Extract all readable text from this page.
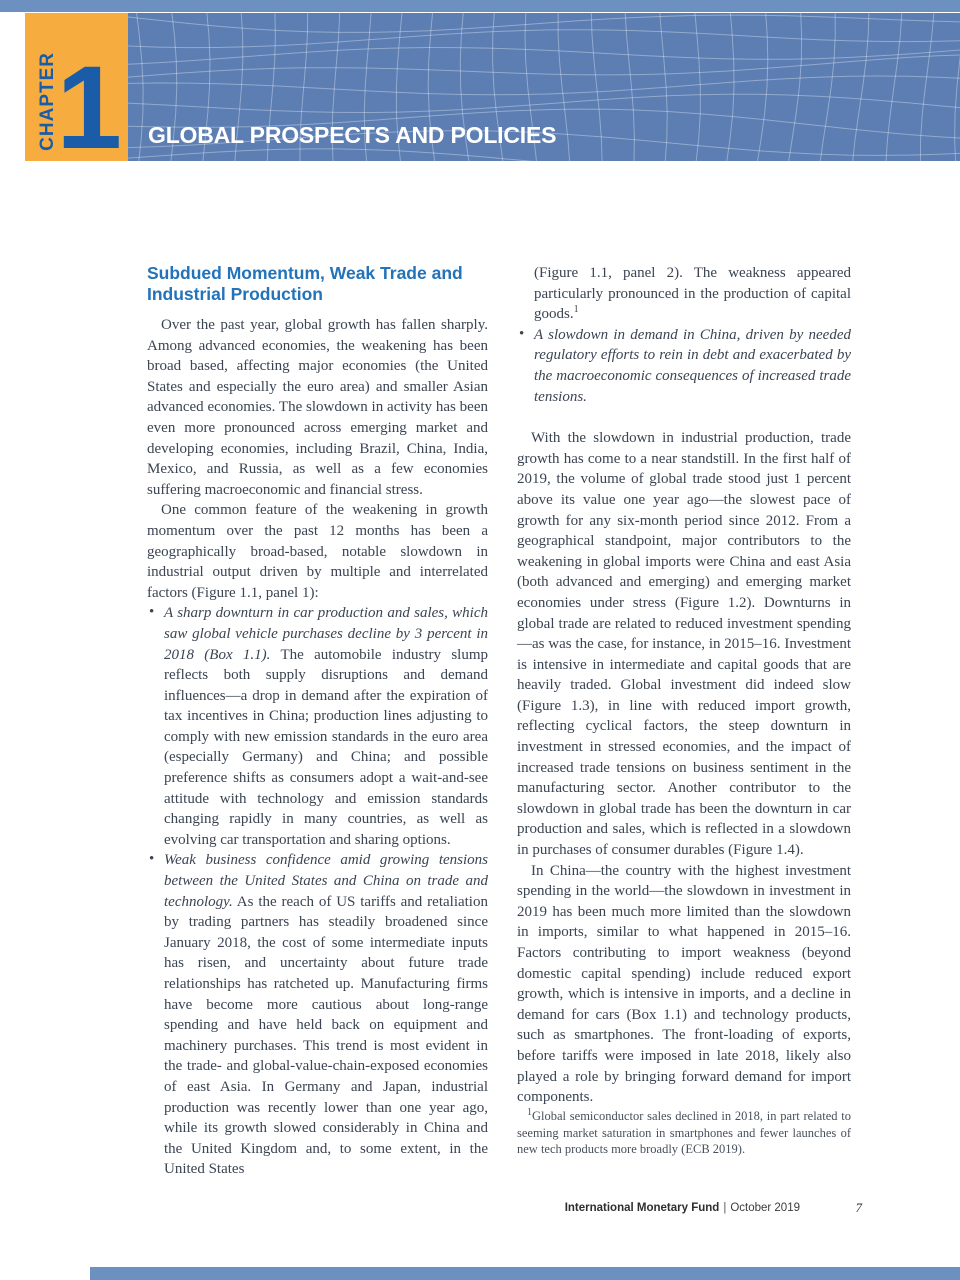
CHAPTER
1 GLOBAL PROSPECTS AND POLICIES
Subdued Momentum, Weak Trade and Industrial Production

Over the past year, global growth has fallen sharply. Among advanced economies, the weakening has been broad based, affecting major economies (the United States and especially the euro area) and smaller Asian advanced economies. The slowdown in activity has been even more pronounced across emerging market and developing economies, including Brazil, China, India, Mexico, and Russia, as well as a few economies suffering macroeconomic and financial stress.

One common feature of the weakening in growth momentum over the past 12 months has been a geographically broad-based, notable slowdown in industrial output driven by multiple and interrelated factors (Figure 1.1, panel 1):

• A sharp downturn in car production and sales, which saw global vehicle purchases decline by 3 percent in 2018 (Box 1.1). The automobile industry slump reflects both supply disruptions and demand influences—a drop in demand after the expiration of tax incentives in China; production lines adjusting to comply with new emission standards in the euro area (especially Germany) and China; and possible preference shifts as consumers adopt a wait-and-see attitude with technology and emission standards changing rapidly in many countries, as well as evolving car transportation and sharing options.
• Weak business confidence amid growing tensions between the United States and China on trade and technology. As the reach of US tariffs and retaliation by trading partners has steadily broadened since January 2018, the cost of some intermediate inputs has risen, and uncertainty about future trade relationships has ratcheted up. Manufacturing firms have become more cautious about long-range spending and have held back on equipment and machinery purchases. This trend is most evident in the trade- and global-value-chain-exposed economies of east Asia. In Germany and Japan, industrial production was recently lower than one year ago, while its growth slowed considerably in China and the United Kingdom and, to some extent, in the United States

(Figure 1.1, panel 2). The weakness appeared particularly pronounced in the production of capital goods.$^1$

• A slowdown in demand in China, driven by needed regulatory efforts to rein in debt and exacerbated by the macroeconomic consequences of increased trade tensions.

With the slowdown in industrial production, trade growth has come to a near standstill. In the first half of 2019, the volume of global trade stood just 1 percent above its value one year ago—the slowest pace of growth for any six-month period since 2012. From a geographical standpoint, major contributors to the weakening in global imports were China and east Asia (both advanced and emerging) and emerging market economies under stress (Figure 1.2). Downturns in global trade are related to reduced investment spending—as was the case, for instance, in 2015–16. Investment is intensive in intermediate and capital goods that are heavily traded. Global investment did indeed slow (Figure 1.3), in line with reduced import growth, reflecting cyclical factors, the steep downturn in investment in stressed economies, and the impact of increased trade tensions on business sentiment in the manufacturing sector. Another contributor to the slowdown in global trade has been the downturn in car production and sales, which is reflected in a slowdown in purchases of consumer durables (Figure 1.4).

In China—the country with the highest investment spending in the world—the slowdown in investment in 2019 has been much more limited than the slowdown in imports, similar to what happened in 2015–16. Factors contributing to import weakness (beyond domestic capital spending) include reduced export growth, which is intensive in imports, and a decline in demand for cars (Box 1.1) and technology products, such as smartphones. The front-loading of exports, before tariffs were imposed in late 2018, likely also played a role by bringing forward demand for import components.

$^1$Global semiconductor sales declined in 2018, in part related to seeming market saturation in smartphones and fewer launches of new tech products more broadly (ECB 2019).

International Monetary Fund | October 2019	7
